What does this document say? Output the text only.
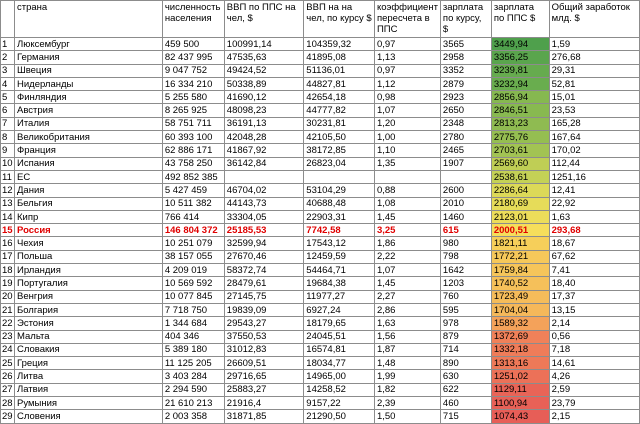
	страна	численность населения	ВВП по ППС на чел, $	ВВП на на чел, по курсу $	коэффициент пересчета в ППС	зарплата по курсу, $	зарплата по ППС $	Общий заработок млд. $
1	Люксембург	459 500	100991,14	104359,32	0,97	3565	3449,94	1,59
2	Германия	82 437 995	47535,63	41895,08	1,13	2958	3356,25	276,68
3	Швеция	9 047 752	49424,52	51136,01	0,97	3352	3239,81	29,31
4	Нидерланды	16 334 210	50338,89	44827,81	1,12	2879	3232,94	52,81
5	Финляндия	5 255 580	41690,12	42654,18	0,98	2923	2856,94	15,01
6	Австрия	8 265 925	48098,23	44777,82	1,07	2650	2846,51	23,53
7	Италия	58 751 711	36191,13	30231,81	1,20	2348	2813,23	165,28
8	Великобритания	60 393 100	42048,28	42105,50	1,00	2780	2775,76	167,64
9	Франция	62 886 171	41867,92	38172,85	1,10	2465	2703,61	170,02
10	Испания	43 758 250	36142,84	26823,04	1,35	1907	2569,60	112,44
11	ЕС	492 852 385					2538,61	1251,16
12	Дания	5 427 459	46704,02	53104,29	0,88	2600	2286,64	12,41
13	Бельгия	10 511 382	44143,73	40688,48	1,08	2010	2180,69	22,92
14	Кипр	766 414	33304,05	22903,31	1,45	1460	2123,01	1,63
15	Россия	146 804 372	25185,53	7742,58	3,25	615	2000,51	293,68
16	Чехия	10 251 079	32599,94	17543,12	1,86	980	1821,11	18,67
17	Польша	38 157 055	27670,46	12459,59	2,22	798	1772,21	67,62
18	Ирландия	4 209 019	58372,74	54464,71	1,07	1642	1759,84	7,41
19	Португалия	10 569 592	28479,61	19684,38	1,45	1203	1740,52	18,40
20	Венгрия	10 077 845	27145,75	11977,27	2,27	760	1723,49	17,37
21	Болгария	7 718 750	19839,09	6927,24	2,86	595	1704,04	13,15
22	Эстония	1 344 684	29543,27	18179,65	1,63	978	1589,32	2,14
23	Мальта	404 346	37550,53	24045,51	1,56	879	1372,69	0,56
24	Словакия	5 389 180	31012,83	16574,81	1,87	714	1332,18	7,18
25	Греция	11 125 205	26609,51	18034,77	1,48	890	1313,16	14,61
26	Литва	3 403 284	29716,65	14965,00	1,99	630	1251,02	4,26
27	Латвия	2 294 590	25883,27	14258,52	1,82	622	1129,11	2,59
28	Румыния	21 610 213	21916,4	9157,22	2,39	460	1100,94	23,79
29	Словения	2 003 358	31871,85	21290,50	1,50	715	1074,43	2,15
